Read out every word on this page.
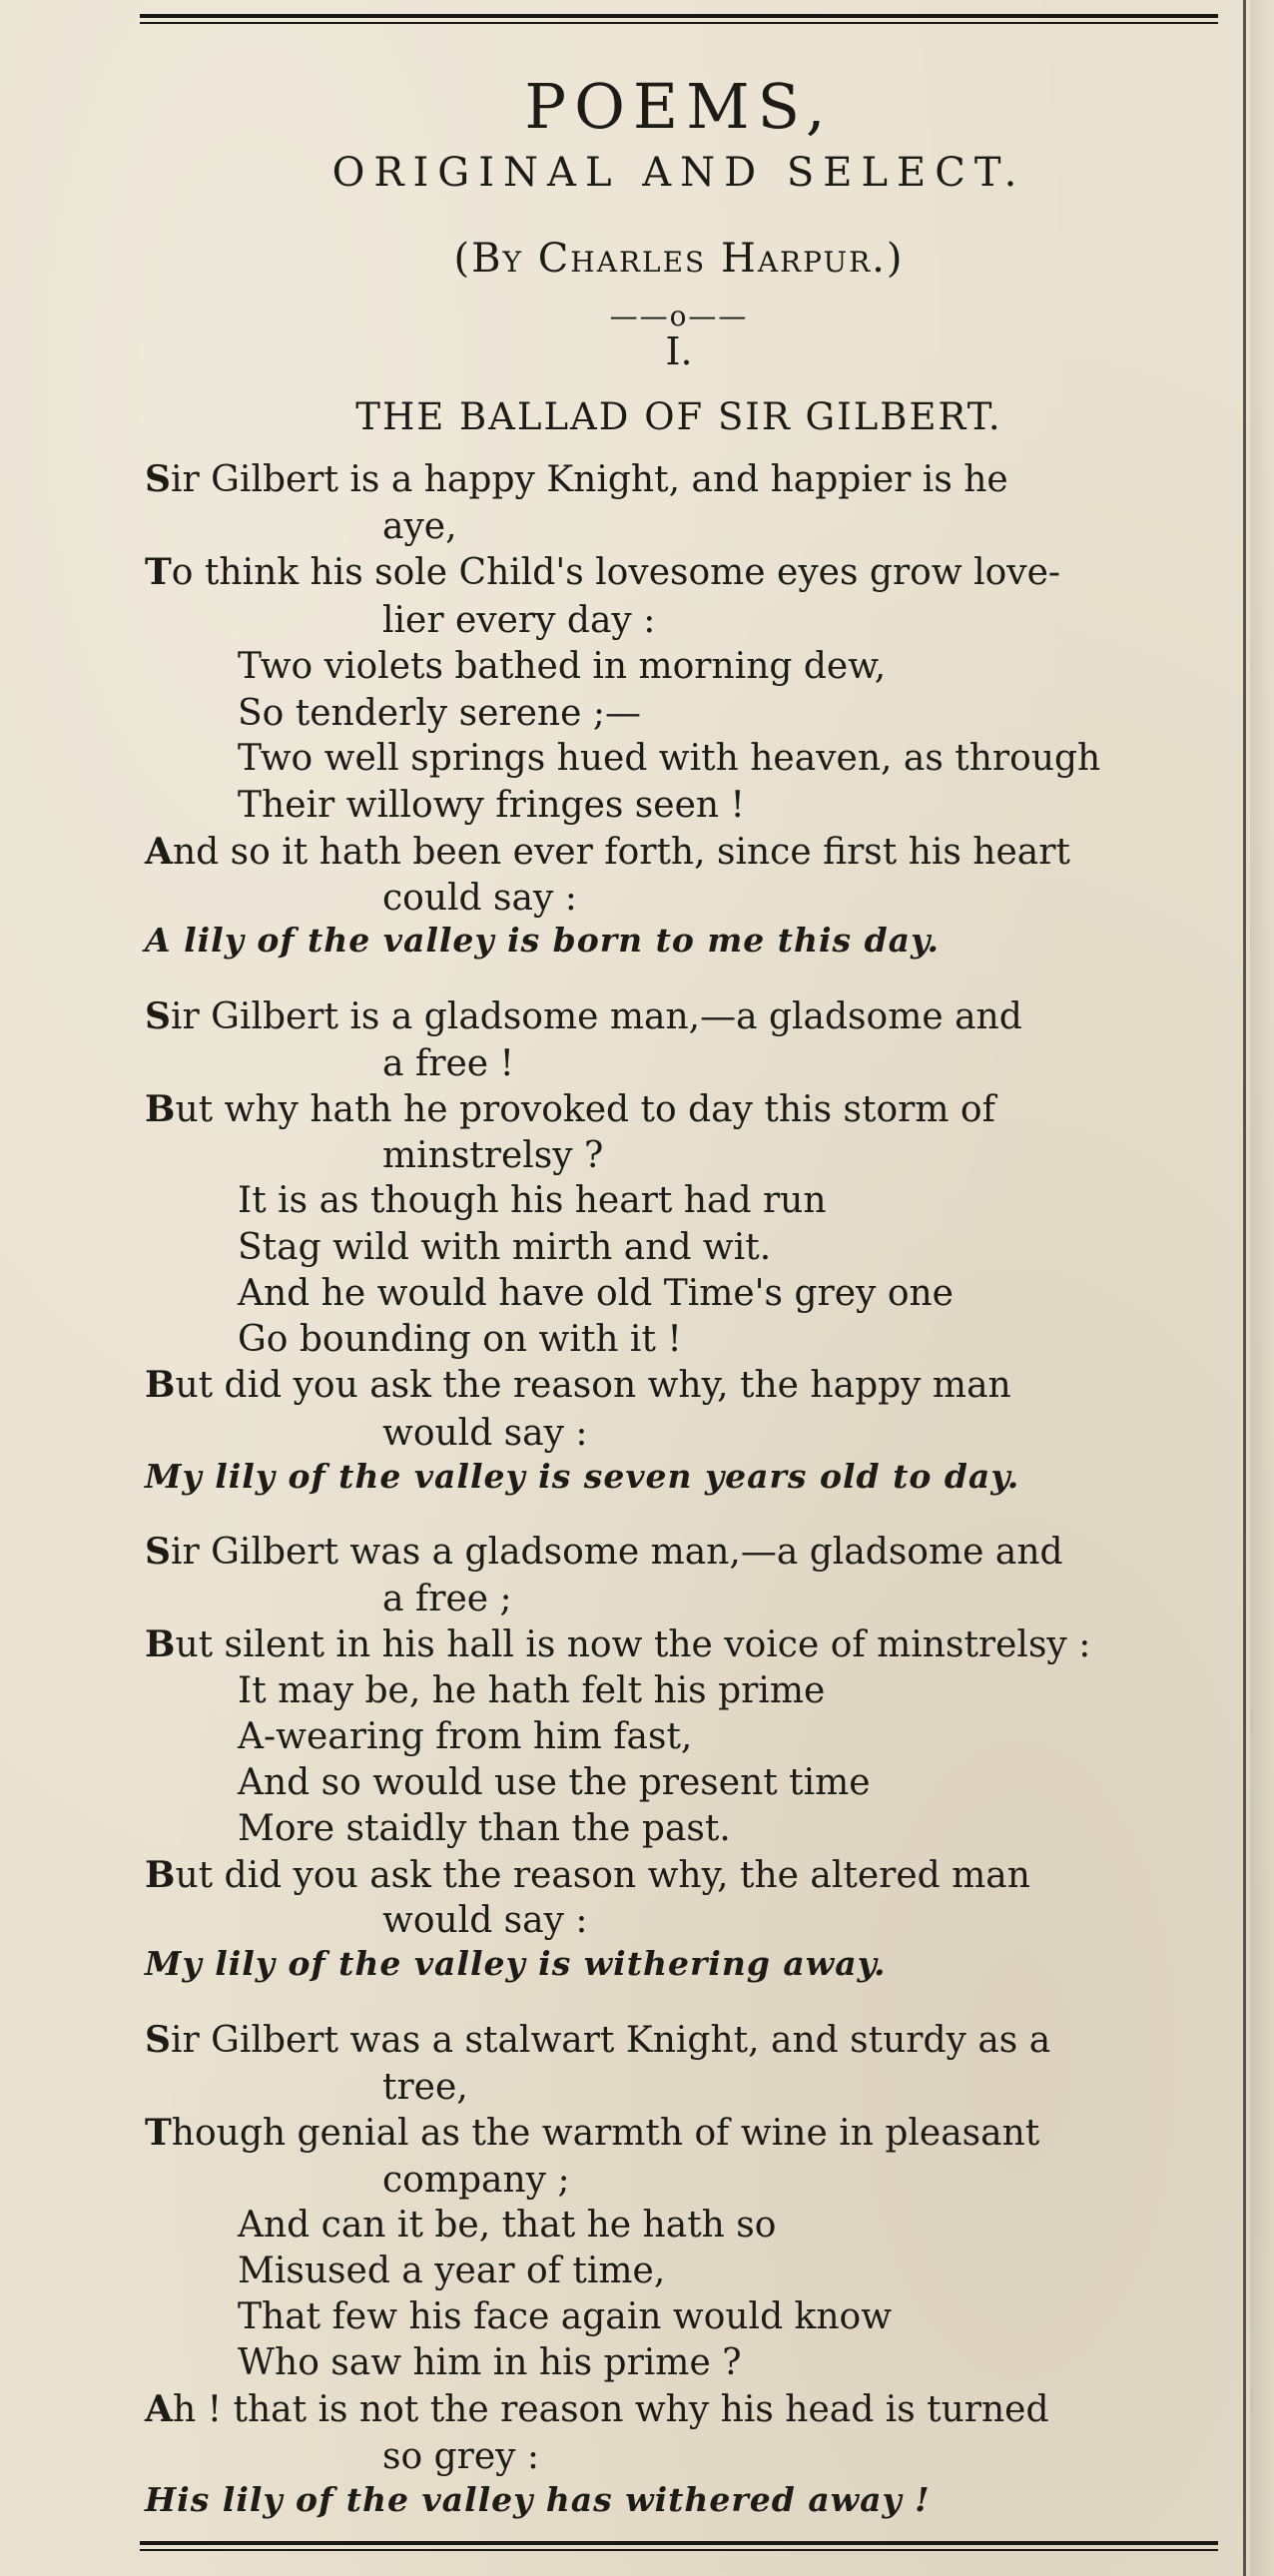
POEMS,
ORIGINAL AND SELECT.
(By Charles Harpur.)
——o——
I.
THE BALLAD OF SIR GILBERT.
Sir Gilbert is a happy Knight, and happier is he
aye,
To think his sole Child's lovesome eyes grow love-
lier every day :
Two violets bathed in morning dew,
So tenderly serene ;—
Two well springs hued with heaven, as through
Their willowy fringes seen !
And so it hath been ever forth, since first his heart
could say :
A lily of the valley is born to me this day.
Sir Gilbert is a gladsome man,—a gladsome and
a free !
But why hath he provoked to day this storm of
minstrelsy ?
It is as though his heart had run
Stag wild with mirth and wit.
And he would have old Time's grey one
Go bounding on with it !
But did you ask the reason why, the happy man
would say :
My lily of the valley is seven years old to day.
Sir Gilbert was a gladsome man,—a gladsome and
a free ;
But silent in his hall is now the voice of minstrelsy :
It may be, he hath felt his prime
A-wearing from him fast,
And so would use the present time
More staidly than the past.
But did you ask the reason why, the altered man
would say :
My lily of the valley is withering away.
Sir Gilbert was a stalwart Knight, and sturdy as a
tree,
Though genial as the warmth of wine in pleasant
company ;
And can it be, that he hath so
Misused a year of time,
That few his face again would know
Who saw him in his prime ?
Ah ! that is not the reason why his head is turned
so grey :
His lily of the valley has withered away !
